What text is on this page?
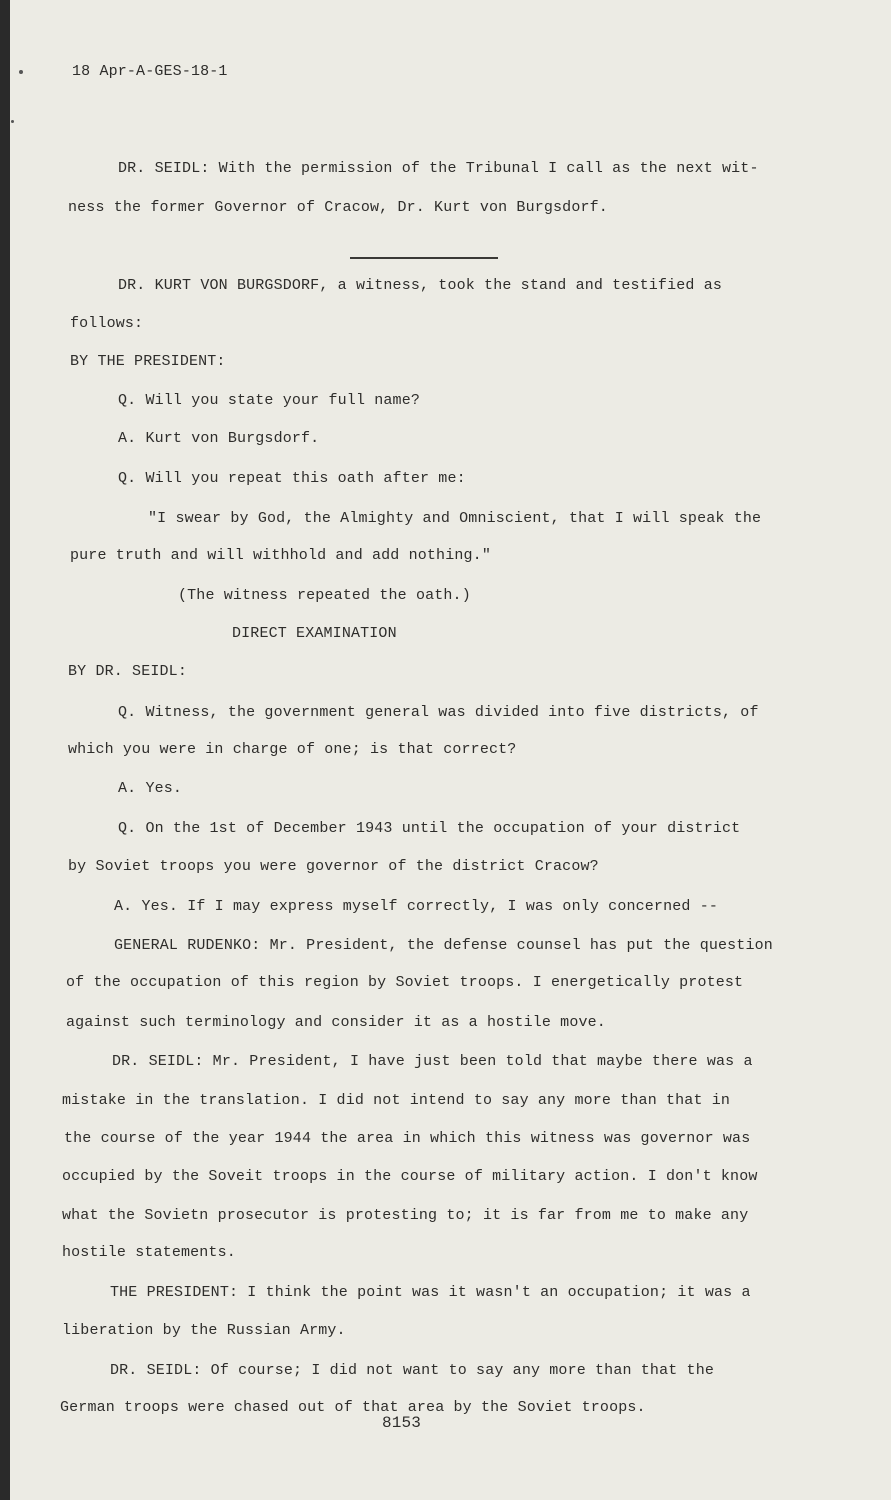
18 Apr-A-GES-18-1
DR. SEIDL: With the permission of the Tribunal I call as the next wit-
ness the former Governor of Cracow, Dr. Kurt von Burgsdorf.
DR. KURT VON BURGSDORF, a witness, took the stand and testified as
follows:
BY THE PRESIDENT:
Q. Will you state your full name?
A. Kurt von Burgsdorf.
Q. Will you repeat this oath after me:
"I swear by God, the Almighty and Omniscient, that I will speak the
pure truth and will withhold and add nothing."
(The witness repeated the oath.)
DIRECT EXAMINATION
BY DR. SEIDL:
Q. Witness, the government general was divided into five districts, of
which you were in charge of one; is that correct?
A. Yes.
Q. On the 1st of December 1943 until the occupation of your district
by Soviet troops you were governor of the district Cracow?
A. Yes. If I may express myself correctly, I was only concerned --
GENERAL RUDENKO: Mr. President, the defense counsel has put the question
of the occupation of this region by Soviet troops. I energetically protest
against such terminology and consider it as a hostile move.
DR. SEIDL: Mr. President, I have just been told that maybe there was a
mistake in the translation. I did not intend to say any more than that in
the course of the year 1944 the area in which this witness was governor was
occupied by the Soveit troops in the course of military action. I don't know
what the Sovietn prosecutor is protesting to; it is far from me to make any
hostile statements.
THE PRESIDENT: I think the point was it wasn't an occupation; it was a
liberation by the Russian Army.
DR. SEIDL: Of course; I did not want to say any more than that the
German troops were chased out of that area by the Soviet troops.
8153
